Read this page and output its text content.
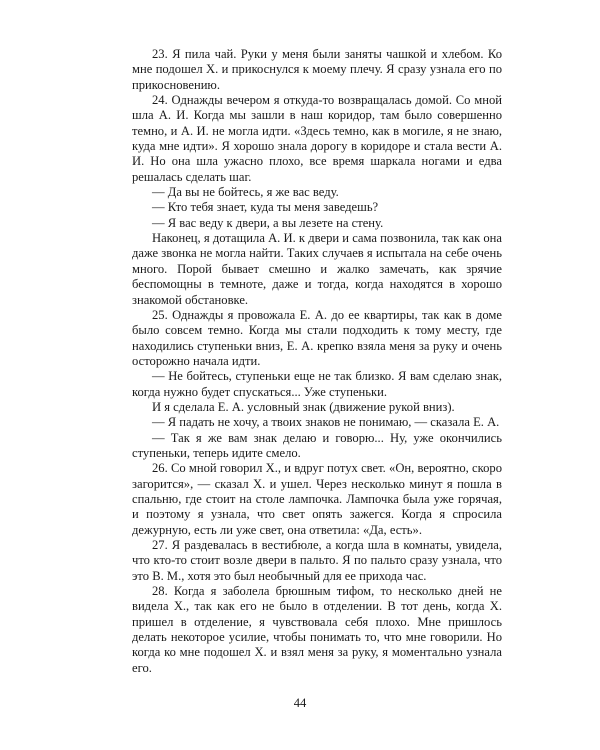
23. Я пила чай. Руки у меня были заняты чашкой и хлебом. Ко мне подошел Х. и прикоснулся к моему плечу. Я сразу узнала его по прикосновению.

24. Однажды вечером я откуда-то возвращалась домой. Со мной шла А. И. Когда мы зашли в наш коридор, там было совершенно темно, и А. И. не могла идти. «Здесь темно, как в могиле, я не знаю, куда мне идти». Я хорошо знала дорогу в коридоре и стала вести А. И. Но она шла ужасно плохо, все время шаркала ногами и едва решалась сделать шаг.

— Да вы не бойтесь, я же вас веду.

— Кто тебя знает, куда ты меня заведешь?

— Я вас веду к двери, а вы лезете на стену.

Наконец, я дотащила А. И. к двери и сама позвонила, так как она даже звонка не могла найти. Таких случаев я испытала на себе очень много. Порой бывает смешно и жалко замечать, как зрячие беспомощны в темноте, даже и тогда, когда находятся в хорошо знакомой обстановке.

25. Однажды я провожала Е. А. до ее квартиры, так как в доме было совсем темно. Когда мы стали подходить к тому месту, где находились ступеньки вниз, Е. А. крепко взяла меня за руку и очень осторожно начала идти.

— Не бойтесь, ступеньки еще не так близко. Я вам сделаю знак, когда нужно будет спускаться... Уже ступеньки.

И я сделала Е. А. условный знак (движение рукой вниз).

— Я падать не хочу, а твоих знаков не понимаю, — сказала Е. А.

— Так я же вам знак делаю и говорю... Ну, уже окончились ступеньки, теперь идите смело.

26. Со мной говорил Х., и вдруг потух свет. «Он, вероятно, скоро загорится», — сказал Х. и ушел. Через несколько минут я пошла в спальню, где стоит на столе лампочка. Лампочка была уже горячая, и поэтому я узнала, что свет опять зажегся. Когда я спросила дежурную, есть ли уже свет, она ответила: «Да, есть».

27. Я раздевалась в вестибюле, а когда шла в комнаты, увидела, что кто-то стоит возле двери в пальто. Я по пальто сразу узнала, что это В. М., хотя это был необычный для ее прихода час.

28. Когда я заболела брюшным тифом, то несколько дней не видела Х., так как его не было в отделении. В тот день, когда Х. пришел в отделение, я чувствовала себя плохо. Мне пришлось делать некоторое усилие, чтобы понимать то, что мне говорили. Но когда ко мне подошел Х. и взял меня за руку, я моментально узнала его.

44
